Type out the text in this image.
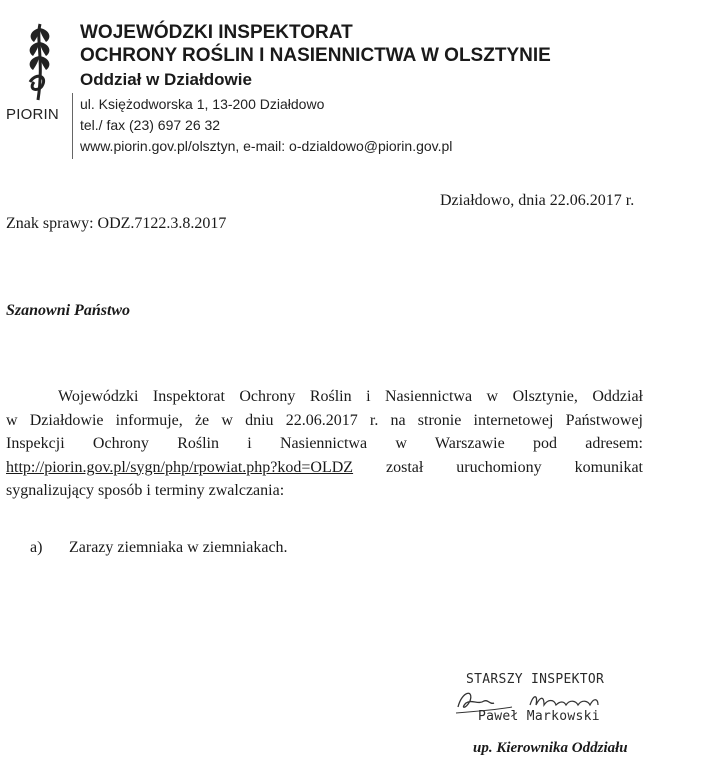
PIORIN
WOJEWÓDZKI INSPEKTORAT
OCHRONY ROŚLIN I NASIENNICTWA W OLSZTYNIE
Oddział w Działdowie
ul. Księżodworska 1, 13-200 Działdowo
tel./ fax (23) 697 26 32
www.piorin.gov.pl/olsztyn, e-mail: o-dzialdowo@piorin.gov.pl
Działdowo, dnia 22.06.2017 r.
Znak sprawy: ODZ.7122.3.8.2017
Szanowni Państwo
Wojewódzki Inspektorat Ochrony Roślin i Nasiennictwa w Olsztynie, Oddział
w Działdowie informuje, że w dniu 22.06.2017 r. na stronie internetowej Państwowej
Inspekcji Ochrony Roślin i Nasiennictwa w Warszawie pod adresem:
http://piorin.gov.pl/sygn/php/rpowiat.php?kod=OLDZ został uruchomiony komunikat
sygnalizujący sposób i terminy zwalczania:
a) Zarazy ziemniaka w ziemniakach.
STARSZY INSPEKTOR
Paweł Markowski
up. Kierownika Oddziału
